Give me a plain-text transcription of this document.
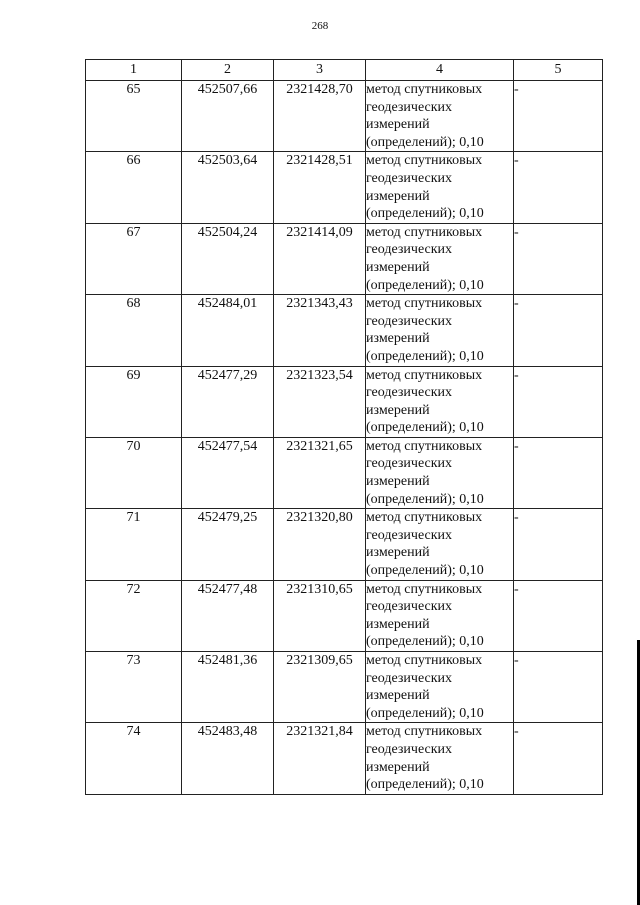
268
1	2	3	4	5
65	452507,66	2321428,70	метод спутниковых геодезических измерений (определений); 0,10	-
66	452503,64	2321428,51	метод спутниковых геодезических измерений (определений); 0,10	-
67	452504,24	2321414,09	метод спутниковых геодезических измерений (определений); 0,10	-
68	452484,01	2321343,43	метод спутниковых геодезических измерений (определений); 0,10	-
69	452477,29	2321323,54	метод спутниковых геодезических измерений (определений); 0,10	-
70	452477,54	2321321,65	метод спутниковых геодезических измерений (определений); 0,10	-
71	452479,25	2321320,80	метод спутниковых геодезических измерений (определений); 0,10	-
72	452477,48	2321310,65	метод спутниковых геодезических измерений (определений); 0,10	-
73	452481,36	2321309,65	метод спутниковых геодезических измерений (определений); 0,10	-
74	452483,48	2321321,84	метод спутниковых геодезических измерений (определений); 0,10	-
